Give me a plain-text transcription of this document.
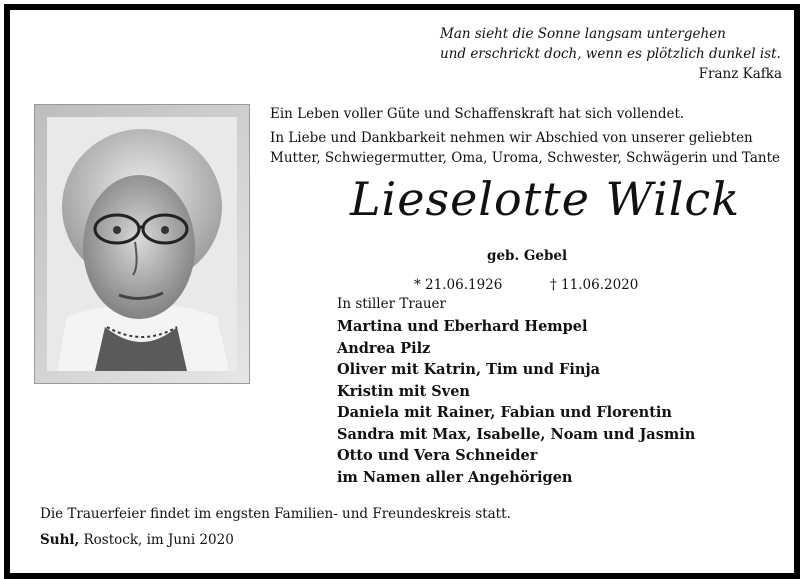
Man sieht die Sonne langsam untergehen
und erschrickt doch, wenn es plötzlich dunkel ist.
Franz Kafka

Ein Leben voller Güte und Schaffenskraft hat sich vollendet.

In Liebe und Dankbarkeit nehmen wir Abschied von unserer geliebten

Mutter, Schwiegermutter, Oma, Uroma, Schwester, Schwägerin und Tante

Lieselotte Wilck
geb. Gebel
* 21.06.1926	† 11.06.2020
In stiller Trauer
Martina und Eberhard Hempel
Andrea Pilz
Oliver mit Katrin, Tim und Finja
Kristin mit Sven
Daniela mit Rainer, Fabian und Florentin
Sandra mit Max, Isabelle, Noam und Jasmin
Otto und Vera Schneider
im Namen aller Angehörigen
Die Trauerfeier findet im engsten Familien- und Freundeskreis statt.
Suhl, Rostock, im Juni 2020
